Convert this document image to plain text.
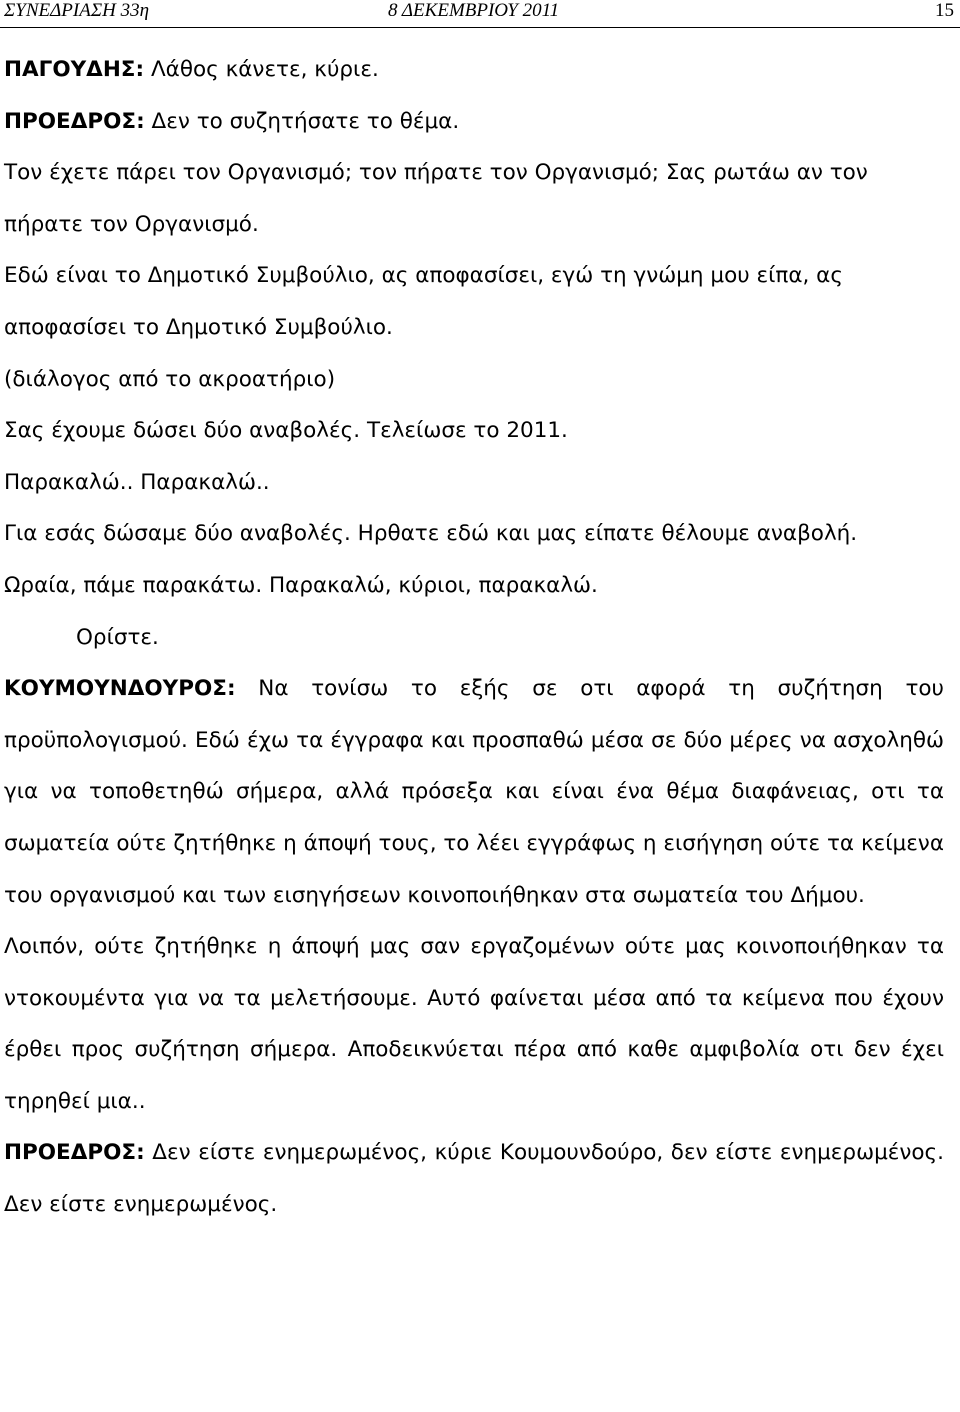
ΣΥΝΕΔΡΙΑΣΗ 33η	8 ΔΕΚΕΜΒΡΙΟΥ 2011	15

ΠΑΓΟΥΔΗΣ: Λάθος κάνετε, κύριε.

ΠΡΟΕΔΡΟΣ: Δεν το συζητήσατε το θέμα.

Τον έχετε πάρει τον Οργανισμό; τον πήρατε τον Οργανισμό; Σας ρωτάω αν τον πήρατε τον Οργανισμό.

Εδώ είναι το Δημοτικό Συμβούλιο, ας αποφασίσει, εγώ τη γνώμη μου είπα, ας αποφασίσει το Δημοτικό Συμβούλιο.

(διάλογος από το ακροατήριο)

Σας έχουμε δώσει δύο αναβολές. Τελείωσε το 2011.

Παρακαλώ.. Παρακαλώ..

Για εσάς δώσαμε δύο αναβολές. Ηρθατε εδώ και μας είπατε θέλουμε αναβολή.

Ωραία, πάμε παρακάτω. Παρακαλώ, κύριοι, παρακαλώ.

Ορίστε.

ΚΟΥΜΟΥΝΔΟΥΡΟΣ: Να τονίσω το εξής σε οτι αφορά τη συζήτηση του προϋπολογισμού. Εδώ έχω τα έγγραφα και προσπαθώ μέσα σε δύο μέρες να ασχοληθώ για να τοποθετηθώ σήμερα, αλλά πρόσεξα και είναι ένα θέμα διαφάνειας, οτι τα σωματεία ούτε ζητήθηκε η άποψή τους, το λέει εγγράφως η εισήγηση ούτε τα κείμενα του οργανισμού και των εισηγήσεων κοινοποιήθηκαν στα σωματεία του Δήμου.

Λοιπόν, ούτε ζητήθηκε η άποψή μας σαν εργαζομένων ούτε μας κοινοποιήθηκαν τα ντοκουμέντα για να τα μελετήσουμε. Αυτό φαίνεται μέσα από τα κείμενα που έχουν έρθει προς συζήτηση σήμερα. Αποδεικνύεται πέρα από καθε αμφιβολία οτι δεν έχει τηρηθεί μια..

ΠΡΟΕΔΡΟΣ: Δεν είστε ενημερωμένος, κύριε Κουμουνδούρο, δεν είστε ενημερωμένος. Δεν είστε ενημερωμένος.
